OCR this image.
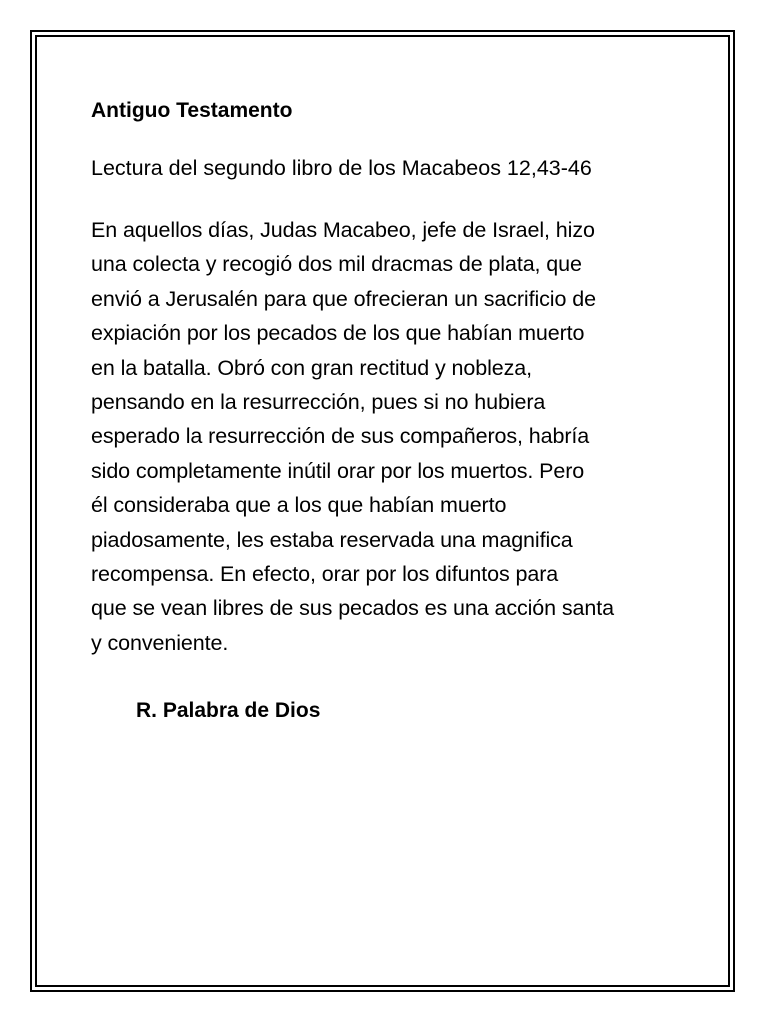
Antiguo Testamento

Lectura del segundo libro de los Macabeos 12,43-46

En aquellos días, Judas Macabeo, jefe de Israel, hizo
una colecta y recogió dos mil dracmas de plata, que
envió a Jerusalén para que ofrecieran un sacrificio de
expiación por los pecados de los que habían muerto
en la batalla. Obró con gran rectitud y nobleza,
pensando en la resurrección, pues si no hubiera
esperado la resurrección de sus compañeros, habría
sido completamente inútil orar por los muertos. Pero
él consideraba que a los que habían muerto
piadosamente, les estaba reservada una magnifica
recompensa. En efecto, orar por los difuntos para
que se vean libres de sus pecados es una acción santa
y conveniente.

R. Palabra de Dios
